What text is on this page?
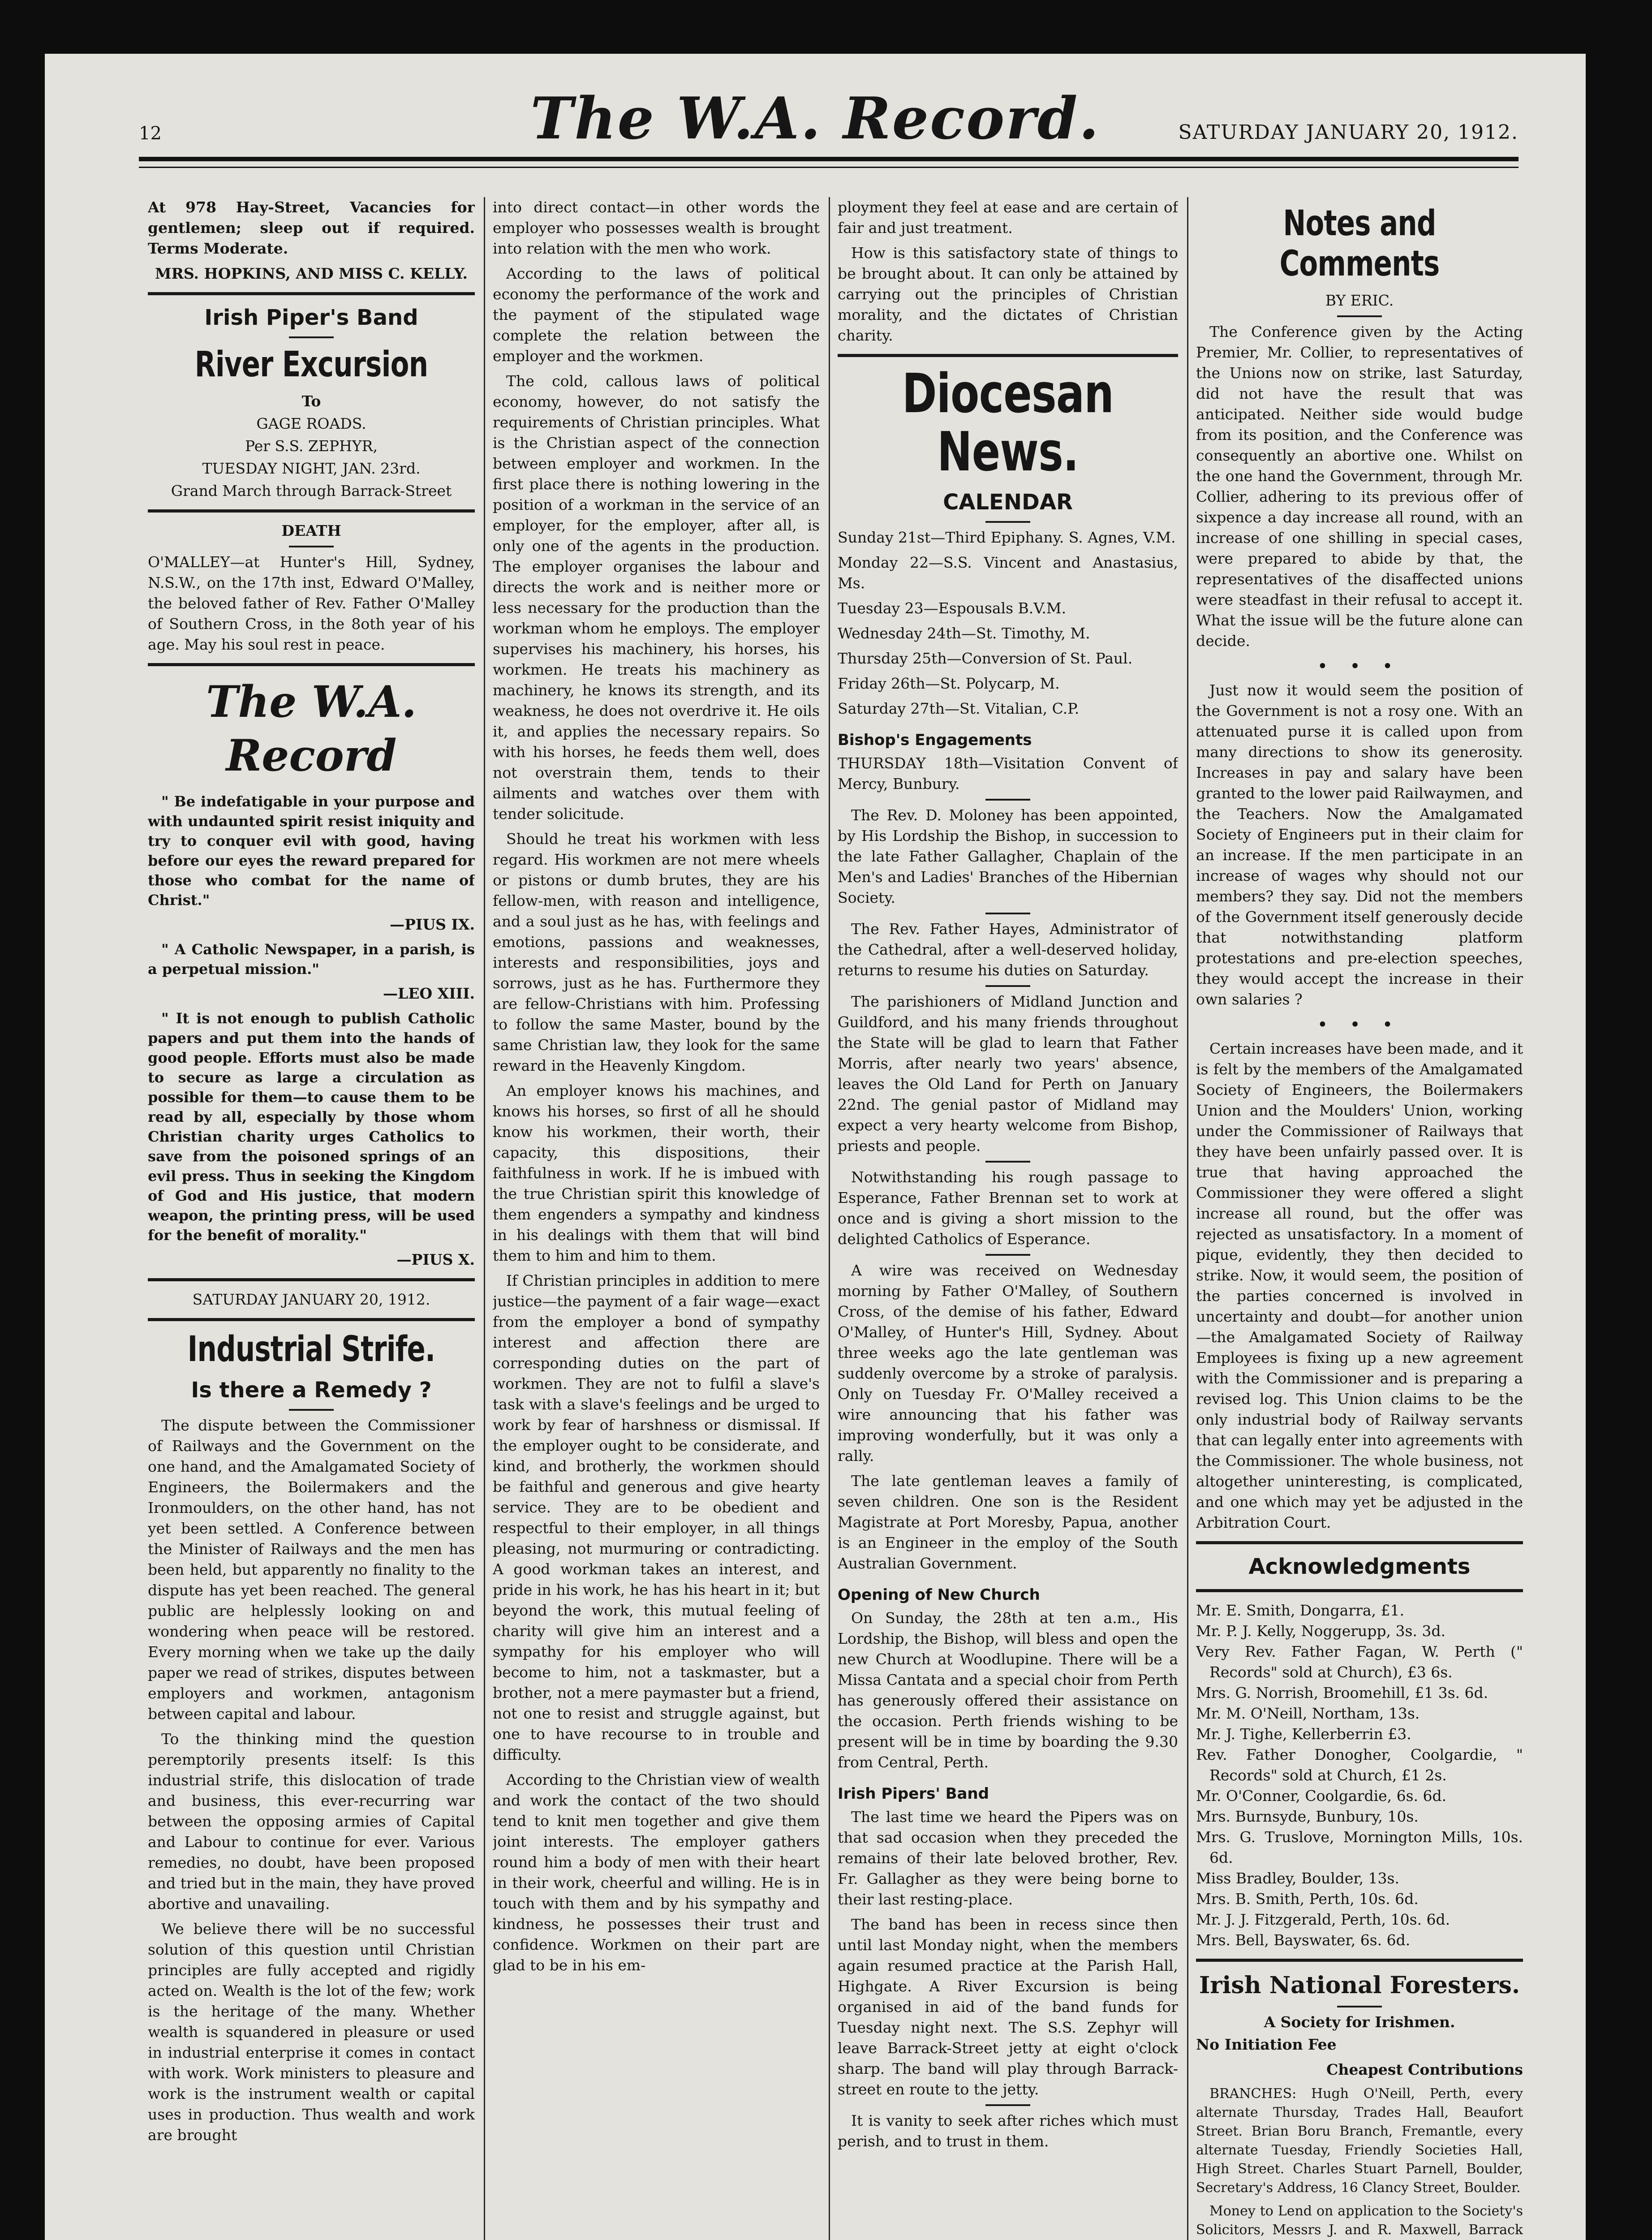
12	The W.A. Record.	SATURDAY JANUARY 20, 1912.

At 978 Hay-Street, Vacancies for gentlemen; sleep out if required. Terms Moderate.

MRS. HOPKINS, AND MISS C. KELLY.

Irish Piper's Band
River Excursion

To

GAGE ROADS.

Per S.S. ZEPHYR,

TUESDAY NIGHT, JAN. 23rd.

Grand March through Barrack-Street

DEATH

O'MALLEY—at Hunter's Hill, Sydney, N.S.W., on the 17th inst, Edward O'Malley, the beloved father of Rev. Father O'Malley of Southern Cross, in the 8oth year of his age. May his soul rest in peace.

The W.A. Record

" Be indefatigable in your purpose and with undaunted spirit resist iniquity and try to conquer evil with good, having before our eyes the reward prepared for those who combat for the name of Christ."

—PIUS IX.

" A Catholic Newspaper, in a parish, is a perpetual mission."

—LEO XIII.

" It is not enough to publish Catholic papers and put them into the hands of good people. Efforts must also be made to secure as large a circulation as possible for them—to cause them to be read by all, especially by those whom Christian charity urges Catholics to save from the poisoned springs of an evil press. Thus in seeking the Kingdom of God and His justice, that modern weapon, the printing press, will be used for the benefit of morality."

—PIUS X.

SATURDAY JANUARY 20, 1912.

Industrial Strife.
Is there a Remedy ?

The dispute between the Commissioner of Railways and the Government on the one hand, and the Amalgamated Society of Engineers, the Boilermakers and the Ironmoulders, on the other hand, has not yet been settled. A Conference between the Minister of Railways and the men has been held, but apparently no finality to the dispute has yet been reached. The general public are helplessly looking on and wondering when peace will be restored. Every morning when we take up the daily paper we read of strikes, disputes between employers and workmen, antagonism between capital and labour.

To the thinking mind the question peremptorily presents itself: Is this industrial strife, this dislocation of trade and business, this ever-recurring war between the opposing armies of Capital and Labour to continue for ever. Various remedies, no doubt, have been proposed and tried but in the main, they have proved abortive and unavailing.

We believe there will be no successful solution of this question until Christian principles are fully accepted and rigidly acted on. Wealth is the lot of the few; work is the heritage of the many. Whether wealth is squandered in pleasure or used in industrial enterprise it comes in contact with work. Work ministers to pleasure and work is the instrument wealth or capital uses in production. Thus wealth and work are brought

into direct contact—in other words the employer who possesses wealth is brought into relation with the men who work.

According to the laws of political economy the performance of the work and the payment of the stipulated wage complete the relation between the employer and the workmen.

The cold, callous laws of political economy, however, do not satisfy the requirements of Christian principles. What is the Christian aspect of the connection between employer and workmen. In the first place there is nothing lowering in the position of a workman in the service of an employer, for the employer, after all, is only one of the agents in the production. The employer organises the labour and directs the work and is neither more or less necessary for the production than the workman whom he employs. The employer supervises his machinery, his horses, his workmen. He treats his machinery as machinery, he knows its strength, and its weakness, he does not overdrive it. He oils it, and applies the necessary repairs. So with his horses, he feeds them well, does not overstrain them, tends to their ailments and watches over them with tender solicitude.

Should he treat his workmen with less regard. His workmen are not mere wheels or pistons or dumb brutes, they are his fellow-men, with reason and intelligence, and a soul just as he has, with feelings and emotions, passions and weaknesses, interests and responsibilities, joys and sorrows, just as he has. Furthermore they are fellow-Christians with him. Professing to follow the same Master, bound by the same Christian law, they look for the same reward in the Heavenly Kingdom.

An employer knows his machines, and knows his horses, so first of all he should know his workmen, their worth, their capacity, this dispositions, their faithfulness in work. If he is imbued with the true Christian spirit this knowledge of them engenders a sympathy and kindness in his dealings with them that will bind them to him and him to them.

If Christian principles in addition to mere justice—the payment of a fair wage—exact from the employer a bond of sympathy interest and affection there are corresponding duties on the part of workmen. They are not to fulfil a slave's task with a slave's feelings and be urged to work by fear of harshness or dismissal. If the employer ought to be considerate, and kind, and brotherly, the workmen should be faithful and generous and give hearty service. They are to be obedient and respectful to their employer, in all things pleasing, not murmuring or contradicting. A good workman takes an interest, and pride in his work, he has his heart in it; but beyond the work, this mutual feeling of charity will give him an interest and a sympathy for his employer who will become to him, not a taskmaster, but a brother, not a mere paymaster but a friend, not one to resist and struggle against, but one to have recourse to in trouble and difficulty.

According to the Christian view of wealth and work the contact of the two should tend to knit men together and give them joint interests. The employer gathers round him a body of men with their heart in their work, cheerful and willing. He is in touch with them and by his sympathy and kindness, he possesses their trust and confidence. Workmen on their part are glad to be in his em-

ployment they feel at ease and are certain of fair and just treatment.

How is this satisfactory state of things to be brought about. It can only be attained by carrying out the principles of Christian morality, and the dictates of Christian charity.

Diocesan News.
CALENDAR

Sunday 21st—Third Epiphany. S. Agnes, V.M.

Monday 22—S.S. Vincent and Anastasius, Ms.

Tuesday 23—Espousals B.V.M.

Wednesday 24th—St. Timothy, M.

Thursday 25th—Conversion of St. Paul.

Friday 26th—St. Polycarp, M.

Saturday 27th—St. Vitalian, C.P.

Bishop's Engagements

THURSDAY 18th—Visitation Convent of Mercy, Bunbury.

The Rev. D. Moloney has been appointed, by His Lordship the Bishop, in succession to the late Father Gallagher, Chaplain of the Men's and Ladies' Branches of the Hibernian Society.

The Rev. Father Hayes, Administrator of the Cathedral, after a well-deserved holiday, returns to resume his duties on Saturday.

The parishioners of Midland Junction and Guildford, and his many friends throughout the State will be glad to learn that Father Morris, after nearly two years' absence, leaves the Old Land for Perth on January 22nd. The genial pastor of Midland may expect a very hearty welcome from Bishop, priests and people.

Notwithstanding his rough passage to Esperance, Father Brennan set to work at once and is giving a short mission to the delighted Catholics of Esperance.

A wire was received on Wednesday morning by Father O'Malley, of Southern Cross, of the demise of his father, Edward O'Malley, of Hunter's Hill, Sydney. About three weeks ago the late gentleman was suddenly overcome by a stroke of paralysis. Only on Tuesday Fr. O'Malley received a wire announcing that his father was improving wonderfully, but it was only a rally.

The late gentleman leaves a family of seven children. One son is the Resident Magistrate at Port Moresby, Papua, another is an Engineer in the employ of the South Australian Government.

Opening of New Church

On Sunday, the 28th at ten a.m., His Lordship, the Bishop, will bless and open the new Church at Woodlupine. There will be a Missa Cantata and a special choir from Perth has generously offered their assistance on the occasion. Perth friends wishing to be present will be in time by boarding the 9.30 from Central, Perth.

Irish Pipers' Band

The last time we heard the Pipers was on that sad occasion when they preceded the remains of their late beloved brother, Rev. Fr. Gallagher as they were being borne to their last resting-place.

The band has been in recess since then until last Monday night, when the members again resumed practice at the Parish Hall, Highgate. A River Excursion is being organised in aid of the band funds for Tuesday night next. The S.S. Zephyr will leave Barrack-Street jetty at eight o'clock sharp. The band will play through Barrack-street en route to the jetty.

It is vanity to seek after riches which must perish, and to trust in them.

Notes and Comments

BY ERIC.

The Conference given by the Acting Premier, Mr. Collier, to representatives of the Unions now on strike, last Saturday, did not have the result that was anticipated. Neither side would budge from its position, and the Conference was consequently an abortive one. Whilst on the one hand the Government, through Mr. Collier, adhering to its previous offer of sixpence a day increase all round, with an increase of one shilling in special cases, were prepared to abide by that, the representatives of the disaffected unions were steadfast in their refusal to accept it. What the issue will be the future alone can decide.

• • •

Just now it would seem the position of the Government is not a rosy one. With an attenuated purse it is called upon from many directions to show its generosity. Increases in pay and salary have been granted to the lower paid Railwaymen, and the Teachers. Now the Amalgamated Society of Engineers put in their claim for an increase. If the men participate in an increase of wages why should not our members? they say. Did not the members of the Government itself generously decide that notwithstanding platform protestations and pre-election speeches, they would accept the increase in their own salaries ?

• • •

Certain increases have been made, and it is felt by the members of the Amalgamated Society of Engineers, the Boilermakers Union and the Moulders' Union, working under the Commissioner of Railways that they have been unfairly passed over. It is true that having approached the Commissioner they were offered a slight increase all round, but the offer was rejected as unsatisfactory. In a moment of pique, evidently, they then decided to strike. Now, it would seem, the position of the parties concerned is involved in uncertainty and doubt—for another union—the Amalgamated Society of Railway Employees is fixing up a new agreement with the Commissioner and is preparing a revised log. This Union claims to be the only industrial body of Railway servants that can legally enter into agreements with the Commissioner. The whole business, not altogether uninteresting, is complicated, and one which may yet be adjusted in the Arbitration Court.

Acknowledgments

Mr. E. Smith, Dongarra, £1.

Mr. P. J. Kelly, Noggerupp, 3s. 3d.

Very Rev. Father Fagan, W. Perth (" Records" sold at Church), £3 6s.

Mrs. G. Norrish, Broomehill, £1 3s. 6d.

Mr. M. O'Neill, Northam, 13s.

Mr. J. Tighe, Kellerberrin £3.

Rev. Father Donogher, Coolgardie, " Records" sold at Church, £1 2s.

Mr. O'Conner, Coolgardie, 6s. 6d.

Mrs. Burnsyde, Bunbury, 10s.

Mrs. G. Truslove, Mornington Mills, 10s. 6d.

Miss Bradley, Boulder, 13s.

Mrs. B. Smith, Perth, 10s. 6d.

Mr. J. J. Fitzgerald, Perth, 10s. 6d.

Mrs. Bell, Bayswater, 6s. 6d.

Irish National Foresters.

A Society for Irishmen.

No Initiation Fee

Cheapest Contributions

BRANCHES: Hugh O'Neill, Perth, every alternate Thursday, Trades Hall, Beaufort Street. Brian Boru Branch, Fremantle, every alternate Tuesday, Friendly Societies Hall, High Street. Charles Stuart Parnell, Boulder, Secretary's Address, 16 Clancy Street, Boulder.

Money to Lend on application to the Society's Solicitors, Messrs J. and R. Maxwell, Barrack
